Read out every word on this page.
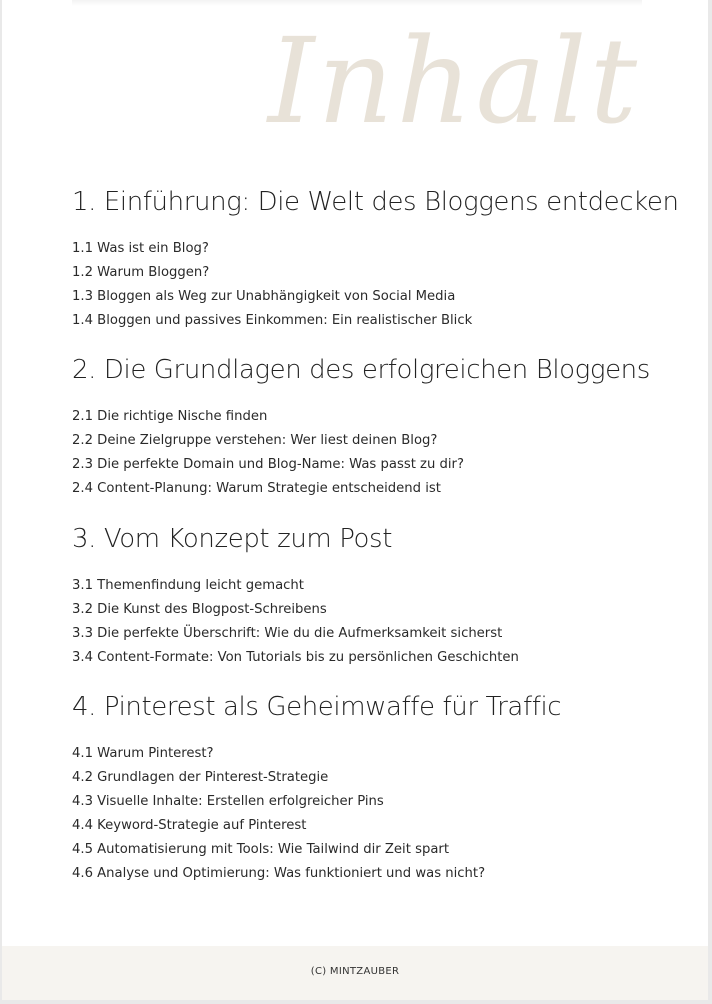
Inhalt
1. Einführung: Die Welt des Bloggens entdecken
1.1 Was ist ein Blog?
1.2 Warum Bloggen?
1.3 Bloggen als Weg zur Unabhängigkeit von Social Media
1.4 Bloggen und passives Einkommen: Ein realistischer Blick
2. Die Grundlagen des erfolgreichen Bloggens
2.1 Die richtige Nische finden
2.2 Deine Zielgruppe verstehen: Wer liest deinen Blog?
2.3 Die perfekte Domain und Blog-Name: Was passt zu dir?
2.4 Content-Planung: Warum Strategie entscheidend ist
3. Vom Konzept zum Post
3.1 Themenfindung leicht gemacht
3.2 Die Kunst des Blogpost-Schreibens
3.3 Die perfekte Überschrift: Wie du die Aufmerksamkeit sicherst
3.4 Content-Formate: Von Tutorials bis zu persönlichen Geschichten
4. Pinterest als Geheimwaffe für Traffic
4.1 Warum Pinterest?
4.2 Grundlagen der Pinterest-Strategie
4.3 Visuelle Inhalte: Erstellen erfolgreicher Pins
4.4 Keyword-Strategie auf Pinterest
4.5 Automatisierung mit Tools: Wie Tailwind dir Zeit spart
4.6 Analyse und Optimierung: Was funktioniert und was nicht?
(C) MINTZAUBER
